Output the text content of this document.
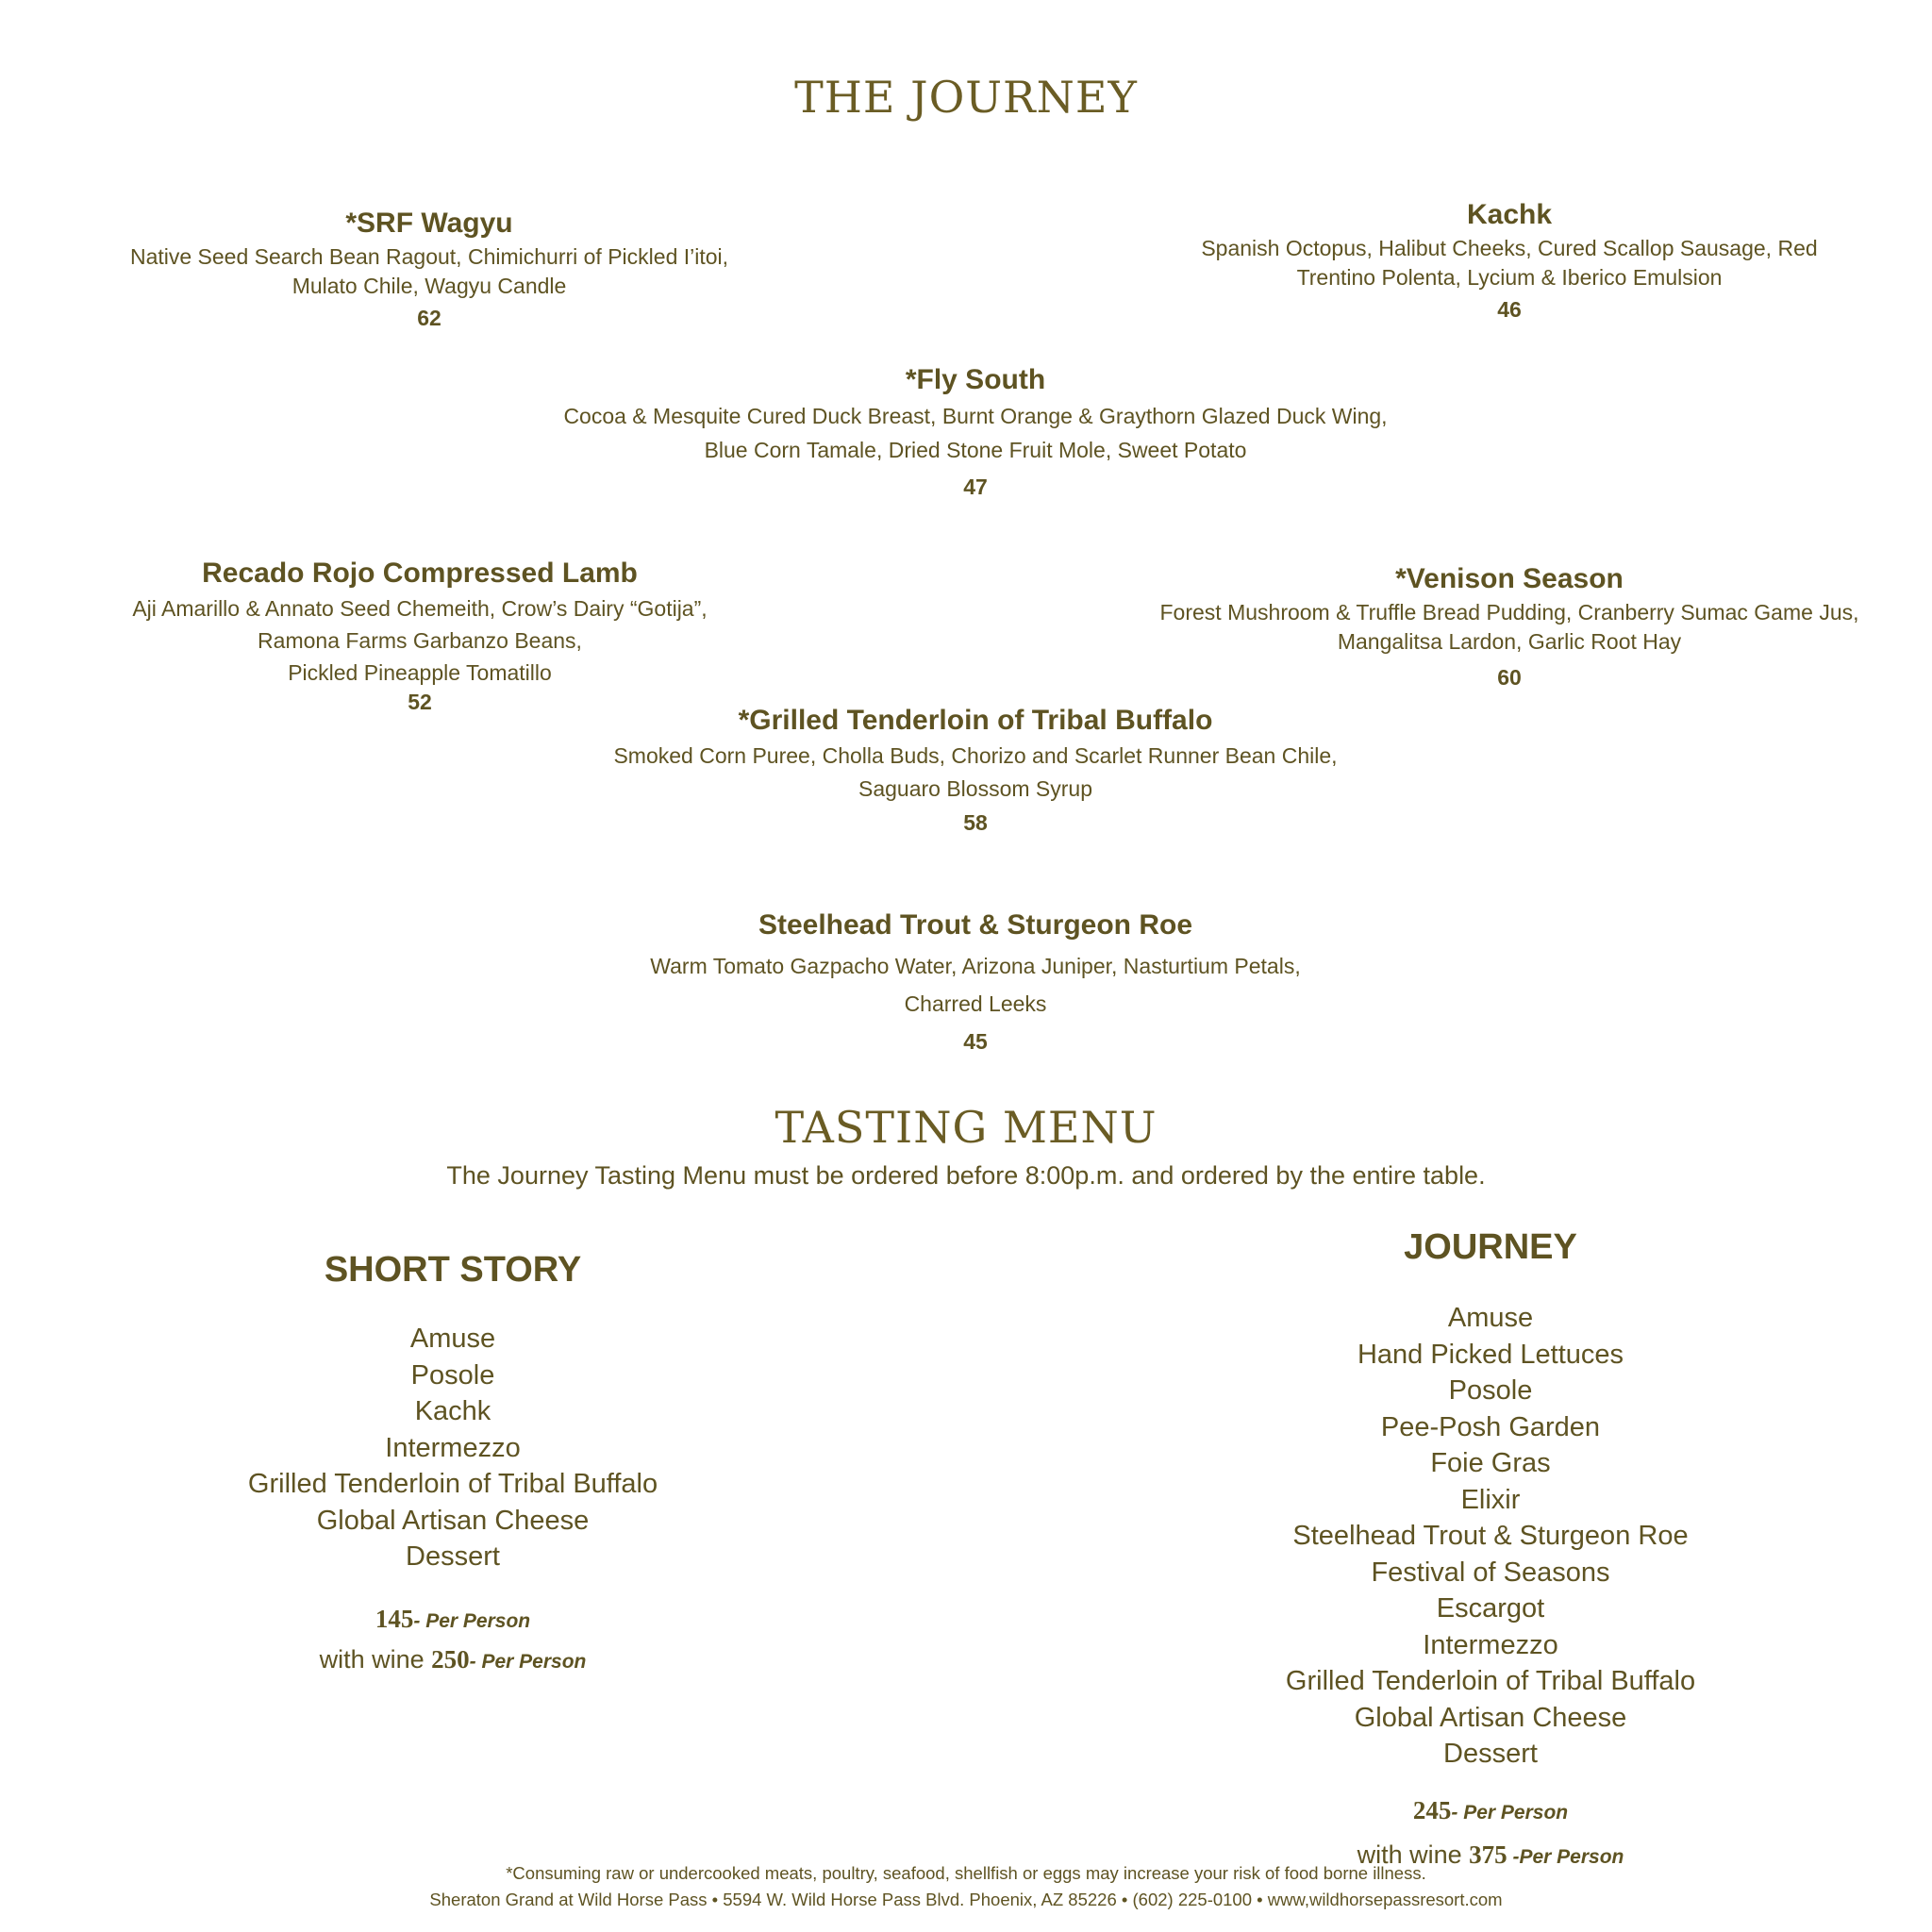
THE JOURNEY
*SRF Wagyu
Native Seed Search Bean Ragout, Chimichurri of Pickled I’itoi,
Mulato Chile, Wagyu Candle
62
Kachk
Spanish Octopus, Halibut Cheeks, Cured Scallop Sausage, Red
Trentino Polenta, Lycium & Iberico Emulsion
46
*Fly South
Cocoa & Mesquite Cured Duck Breast, Burnt Orange & Graythorn Glazed Duck Wing,
Blue Corn Tamale, Dried Stone Fruit Mole, Sweet Potato
47
Recado Rojo Compressed Lamb
Aji Amarillo & Annato Seed Chemeith, Crow’s Dairy “Gotija”,
Ramona Farms Garbanzo Beans,
Pickled Pineapple Tomatillo
52
*Venison Season
Forest Mushroom & Truffle Bread Pudding, Cranberry Sumac Game Jus,
Mangalitsa Lardon, Garlic Root Hay
60
*Grilled Tenderloin of Tribal Buffalo
Smoked Corn Puree, Cholla Buds, Chorizo and Scarlet Runner Bean Chile,
Saguaro Blossom Syrup
58
Steelhead Trout & Sturgeon Roe
Warm Tomato Gazpacho Water, Arizona Juniper, Nasturtium Petals,
Charred Leeks
45
TASTING MENU
The Journey Tasting Menu must be ordered before 8:00p.m. and ordered by the entire table.
SHORT STORY
Amuse
Posole
Kachk
Intermezzo
Grilled Tenderloin of Tribal Buffalo
Global Artisan Cheese
Dessert
145- Per Person
with wine 250- Per Person
JOURNEY
Amuse
Hand Picked Lettuces
Posole
Pee-Posh Garden
Foie Gras
Elixir
Steelhead Trout & Sturgeon Roe
Festival of Seasons
Escargot
Intermezzo
Grilled Tenderloin of Tribal Buffalo
Global Artisan Cheese
Dessert
245- Per Person
with wine 375 -Per Person
*Consuming raw or undercooked meats, poultry, seafood, shellfish or eggs may increase your risk of food borne illness.
Sheraton Grand at Wild Horse Pass • 5594 W. Wild Horse Pass Blvd. Phoenix, AZ 85226 • (602) 225-0100 • www,wildhorsepassresort.com
